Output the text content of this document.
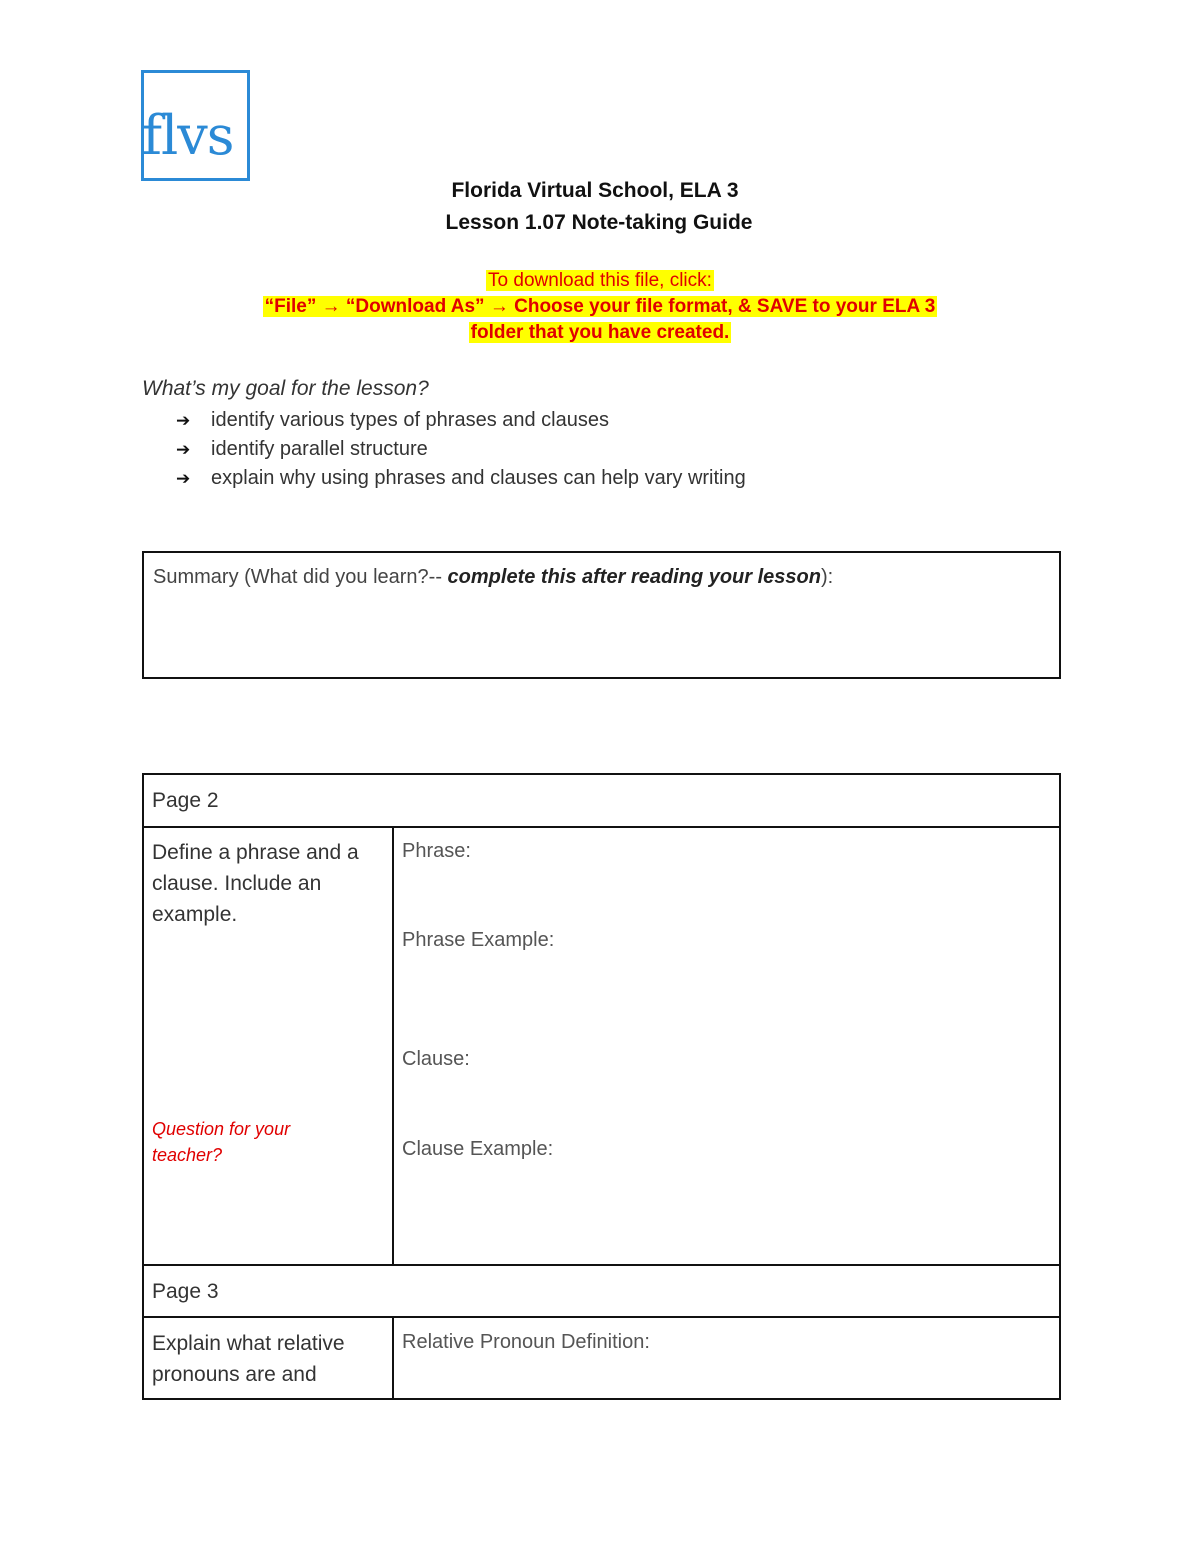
flvs
Florida Virtual School, ELA 3
Lesson 1.07 Note-taking Guide
To download this file, click:
“File” → “Download As” → Choose your file format, & SAVE to your ELA 3
folder that you have created.
What’s my goal for the lesson?
➔ identify various types of phrases and clauses
➔ identify parallel structure
➔ explain why using phrases and clauses can help vary writing

Summary (What did you learn?-- complete this after reading your lesson):

Page 2
Define a phrase and a clause. Include an example.
Question for your teacher?
Phrase:
Phrase Example:
Clause:
Clause Example:
Page 3
Explain what relative pronouns are and
Relative Pronoun Definition:
